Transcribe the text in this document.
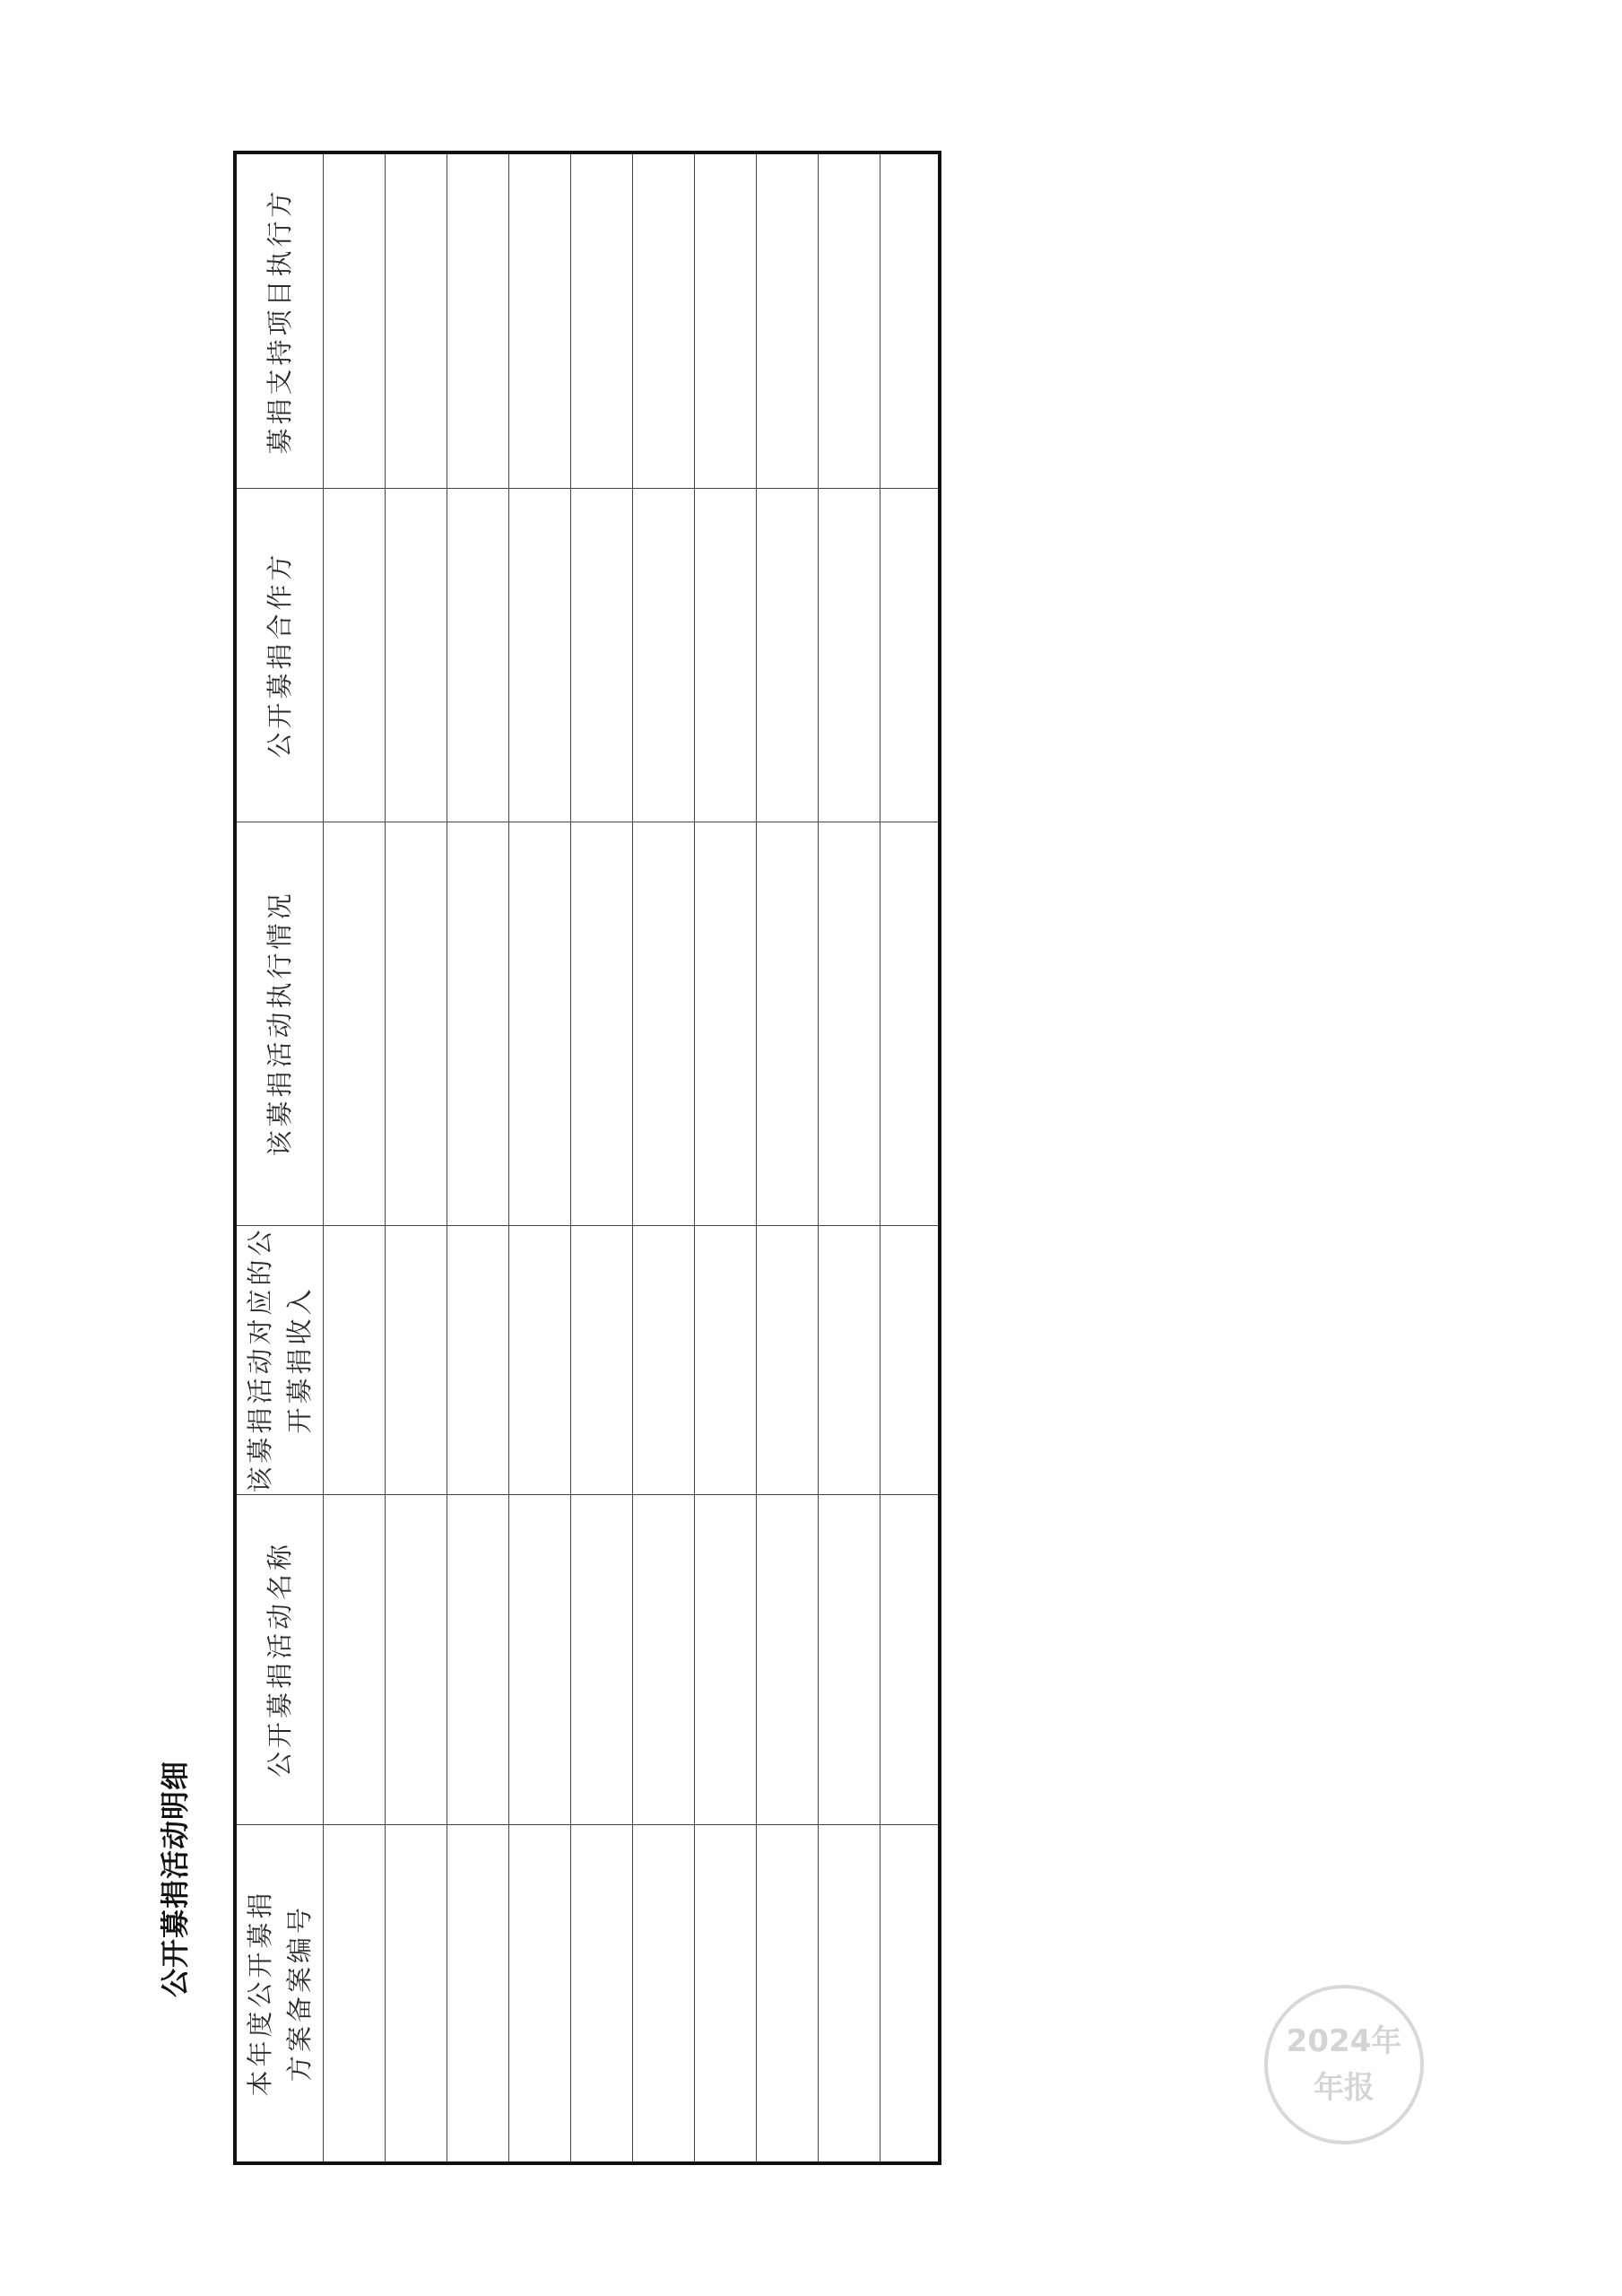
公开募捐活动明细
募捐支持项目执行方
公开募捐合作方
该募捐活动执行情况
该募捐活动对应的公开募捐收入
公开募捐活动名称
本年度公开募捐方案备案编号	2024年
年报
